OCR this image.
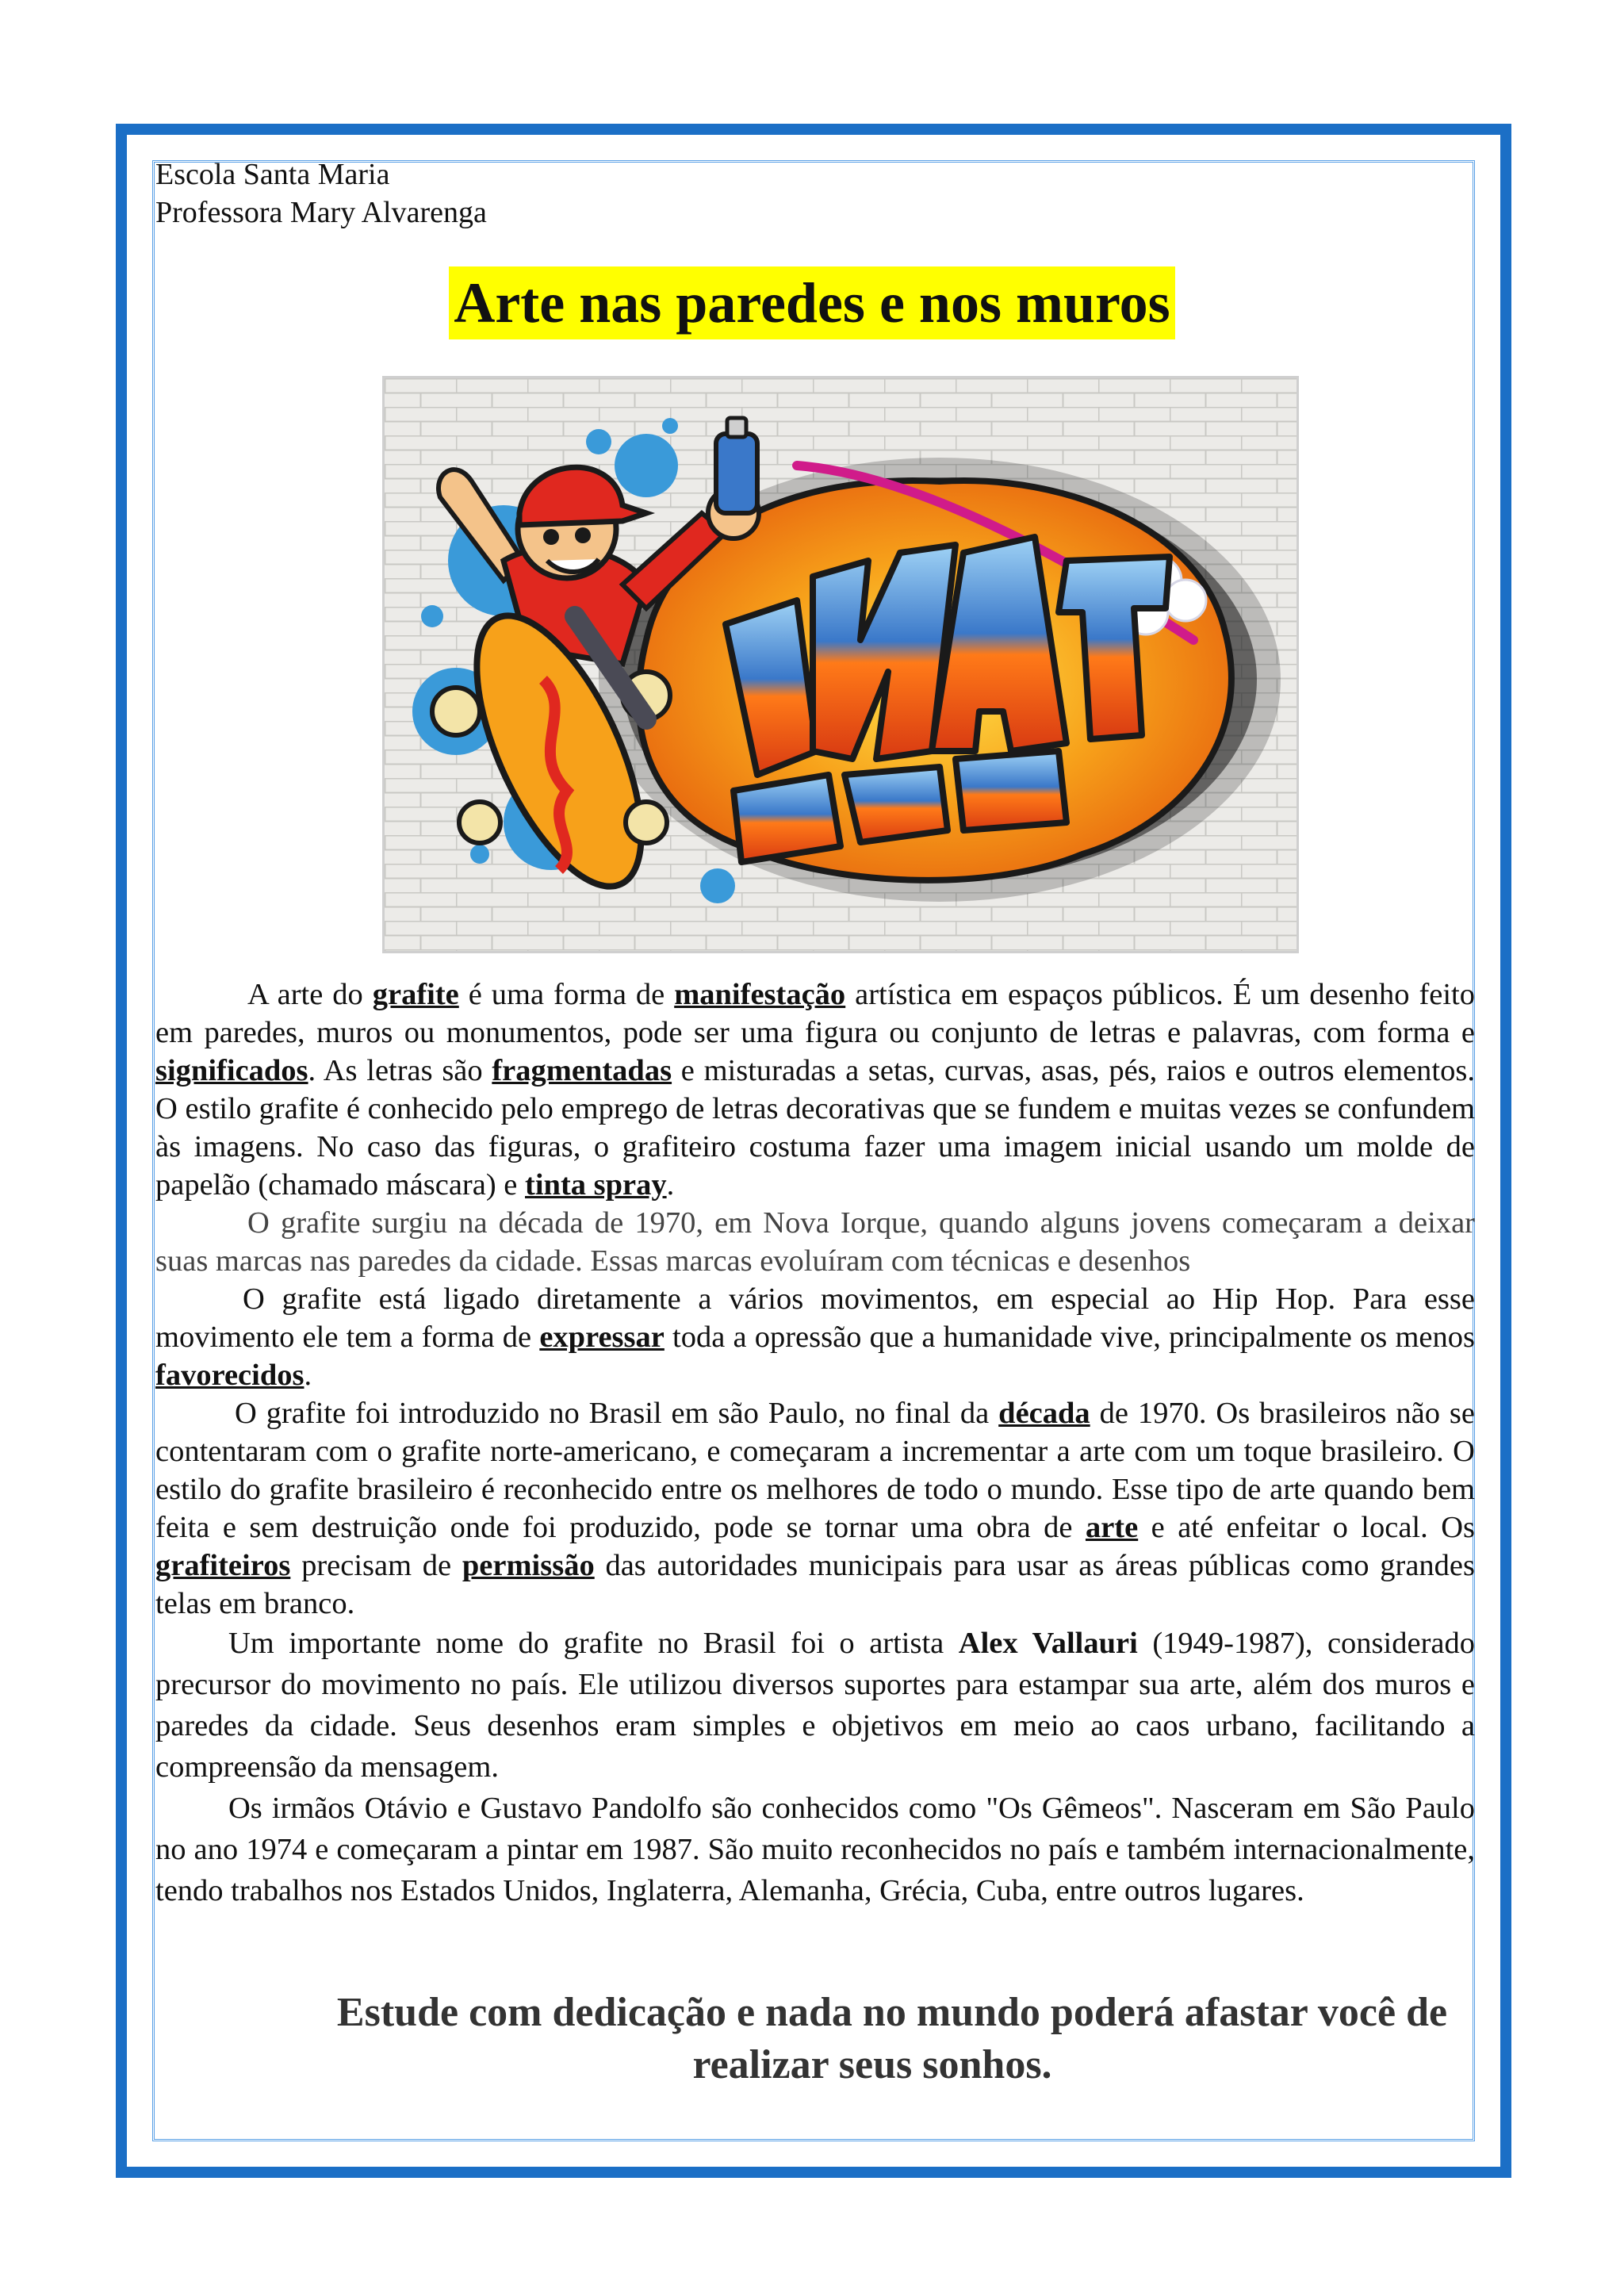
Escola Santa Maria
Professora Mary Alvarenga
Arte nas paredes e nos muros

A arte do grafite é uma forma de manifestação artística em espaços públicos. É um desenho feito em paredes, muros ou monumentos, pode ser uma figura ou conjunto de letras e palavras, com forma e significados. As letras são fragmentadas e misturadas a setas, curvas, asas, pés, raios e outros elementos. O estilo grafite é conhecido pelo emprego de letras decorativas que se fundem e muitas vezes se confundem às imagens. No caso das figuras, o grafiteiro costuma fazer uma imagem inicial usando um molde de papelão (chamado máscara) e tinta spray.

O grafite surgiu na década de 1970, em Nova Iorque, quando alguns jovens começaram a deixar suas marcas nas paredes da cidade. Essas marcas evoluíram com técnicas e desenhos

O grafite está ligado diretamente a vários movimentos, em especial ao Hip Hop. Para esse movimento ele tem a forma de expressar toda a opressão que a humanidade vive, principalmente os menos favorecidos.

O grafite foi introduzido no Brasil em são Paulo, no final da década de 1970. Os brasileiros não se contentaram com o grafite norte-americano, e começaram a incrementar a arte com um toque brasileiro. O estilo do grafite brasileiro é reconhecido entre os melhores de todo o mundo. Esse tipo de arte quando bem feita e sem destruição onde foi produzido, pode se tornar uma obra de arte e até enfeitar o local. Os grafiteiros precisam de permissão das autoridades municipais para usar as áreas públicas como grandes telas em branco.

Um importante nome do grafite no Brasil foi o artista Alex Vallauri (1949-1987), considerado precursor do movimento no país. Ele utilizou diversos suportes para estampar sua arte, além dos muros e paredes da cidade. Seus desenhos eram simples e objetivos em meio ao caos urbano, facilitando a compreensão da mensagem.

Os irmãos Otávio e Gustavo Pandolfo são conhecidos como "Os Gêmeos". Nasceram em São Paulo no ano 1974 e começaram a pintar em 1987. São muito reconhecidos no país e também internacionalmente, tendo trabalhos nos Estados Unidos, Inglaterra, Alemanha, Grécia, Cuba, entre outros lugares.

Estude com dedicação e nada no mundo poderá afastar você de
realizar seus sonhos.
